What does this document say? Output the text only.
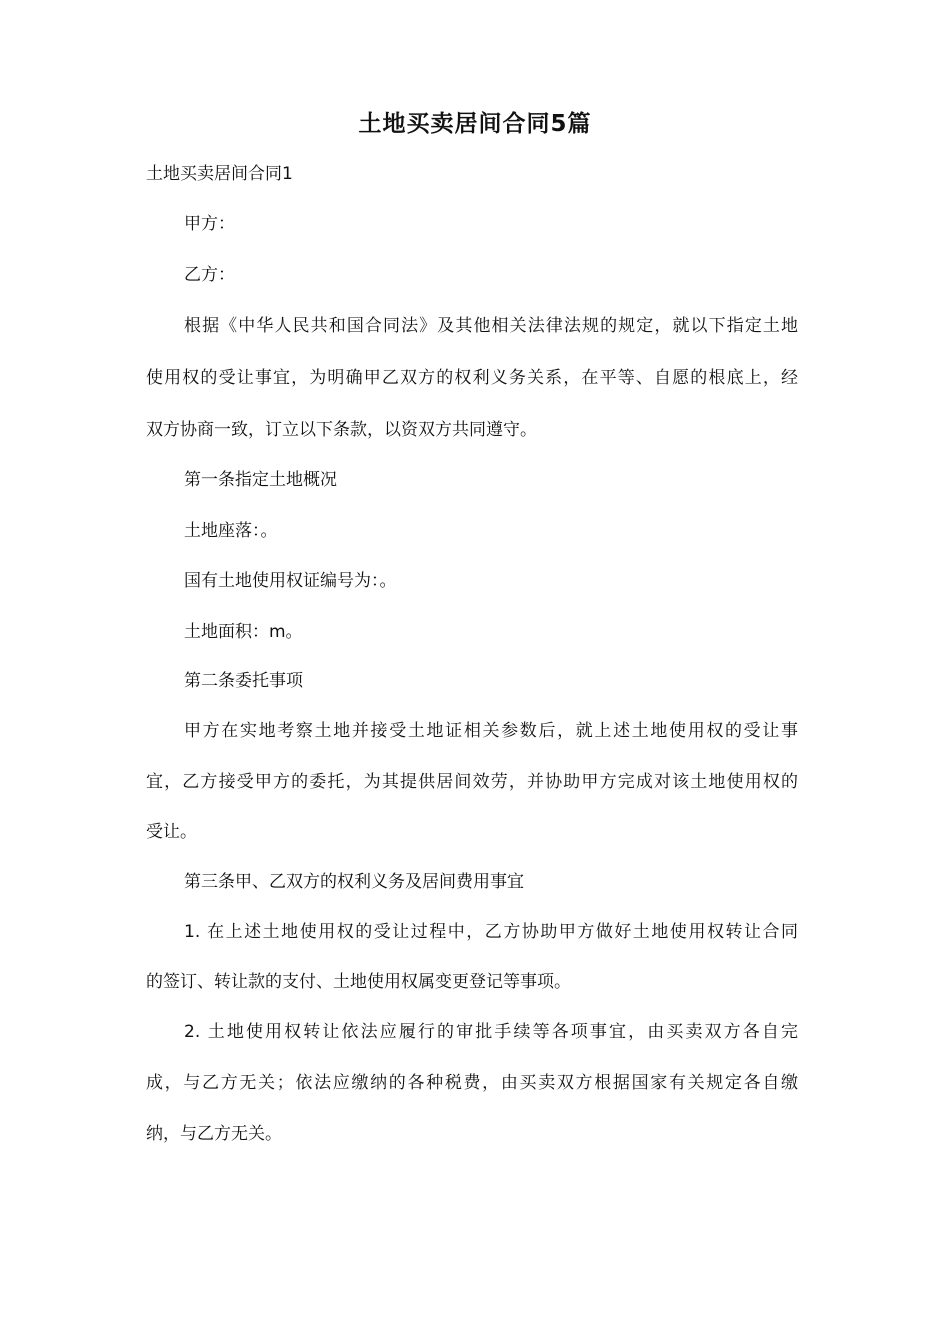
土地买卖居间合同5篇

土地买卖居间合同1

甲方：

乙方：

根据《中华人民共和国合同法》及其他相关法律法规的规定，就以下指定土地

使用权的受让事宜，为明确甲乙双方的权利义务关系，在平等、自愿的根底上，经

双方协商一致，订立以下条款，以资双方共同遵守。

第一条指定土地概况

土地座落：。

国有土地使用权证编号为：。

土地面积：m。

第二条委托事项

甲方在实地考察土地并接受土地证相关参数后，就上述土地使用权的受让事

宜，乙方接受甲方的委托，为其提供居间效劳，并协助甲方完成对该土地使用权的

受让。

第三条甲、乙双方的权利义务及居间费用事宜

1. 在上述土地使用权的受让过程中，乙方协助甲方做好土地使用权转让合同

的签订、转让款的支付、土地使用权属变更登记等事项。

2. 土地使用权转让依法应履行的审批手续等各项事宜，由买卖双方各自完

成，与乙方无关；依法应缴纳的各种税费，由买卖双方根据国家有关规定各自缴

纳，与乙方无关。
